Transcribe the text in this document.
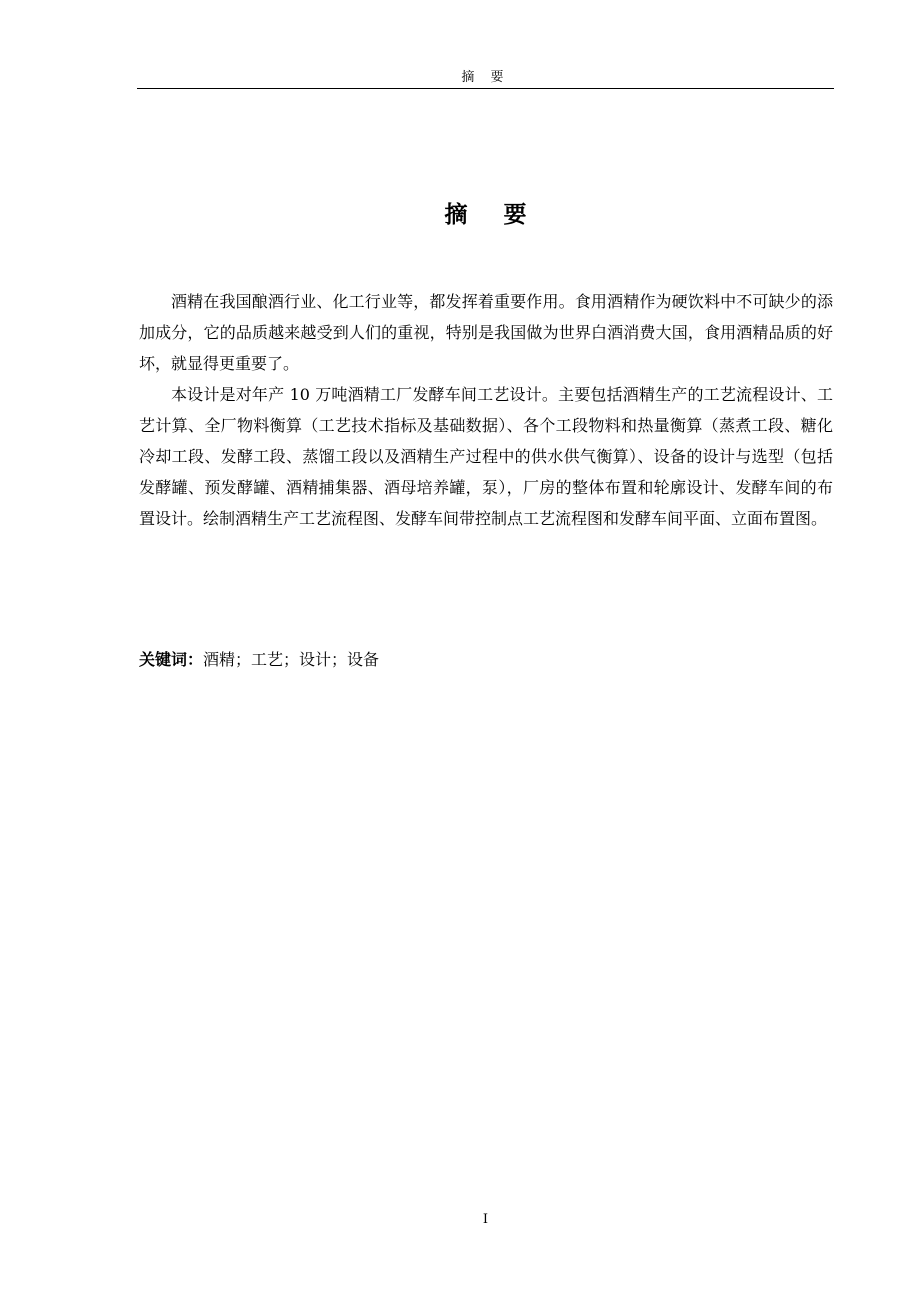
摘 要
摘 要

酒精在我国酿酒行业、化工行业等，都发挥着重要作用。食用酒精作为硬饮料中不可缺少的添加成分，它的品质越来越受到人们的重视，特别是我国做为世界白酒消费大国，食用酒精品质的好坏，就显得更重要了。

本设计是对年产 10 万吨酒精工厂发酵车间工艺设计。主要包括酒精生产的工艺流程设计、工艺计算、全厂物料衡算（工艺技术指标及基础数据）、各个工段物料和热量衡算（蒸煮工段、糖化冷却工段、发酵工段、蒸馏工段以及酒精生产过程中的供水供气衡算）、设备的设计与选型（包括发酵罐、预发酵罐、酒精捕集器、酒母培养罐，泵），厂房的整体布置和轮廓设计、发酵车间的布置设计。绘制酒精生产工艺流程图、发酵车间带控制点工艺流程图和发酵车间平面、立面布置图。

关键词：酒精；工艺；设计；设备
I
